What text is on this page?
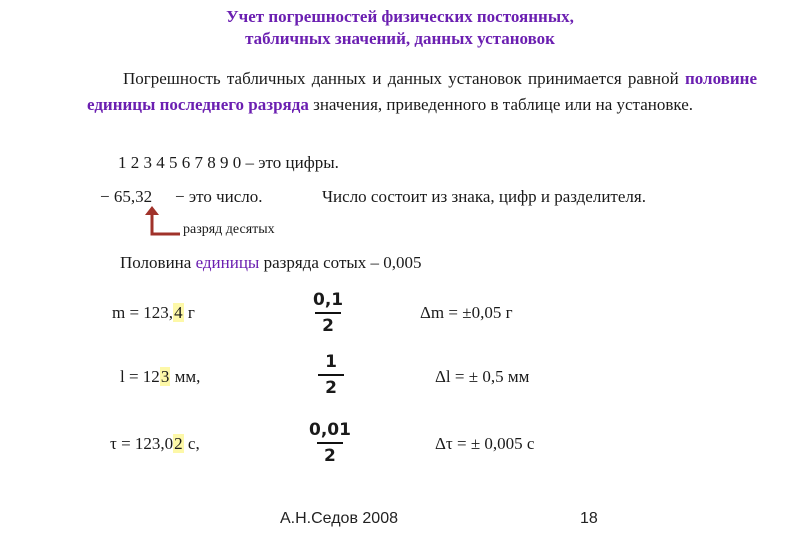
Учет погрешностей физических постоянных,
табличных значений, данных установок
Погрешность табличных данных и данных установок принимается равной половине единицы последнего разряда значения, приведенного в таблице или на установке.
1 2 3 4 5 6 7 8 9 0 – это цифры.
− 65,32 − это число.	Число состоит из знака, цифр и разделителя.
разряд десятых
Половина единицы разряда сотых – 0,005
m = 123,4 г
0,1
2
Δm = ±0,05 г
l = 123 мм,
1
2
Δl = ± 0,5 мм
τ = 123,02 с,
0,01
2
Δτ = ± 0,005 с
А.Н.Седов 2008	18
